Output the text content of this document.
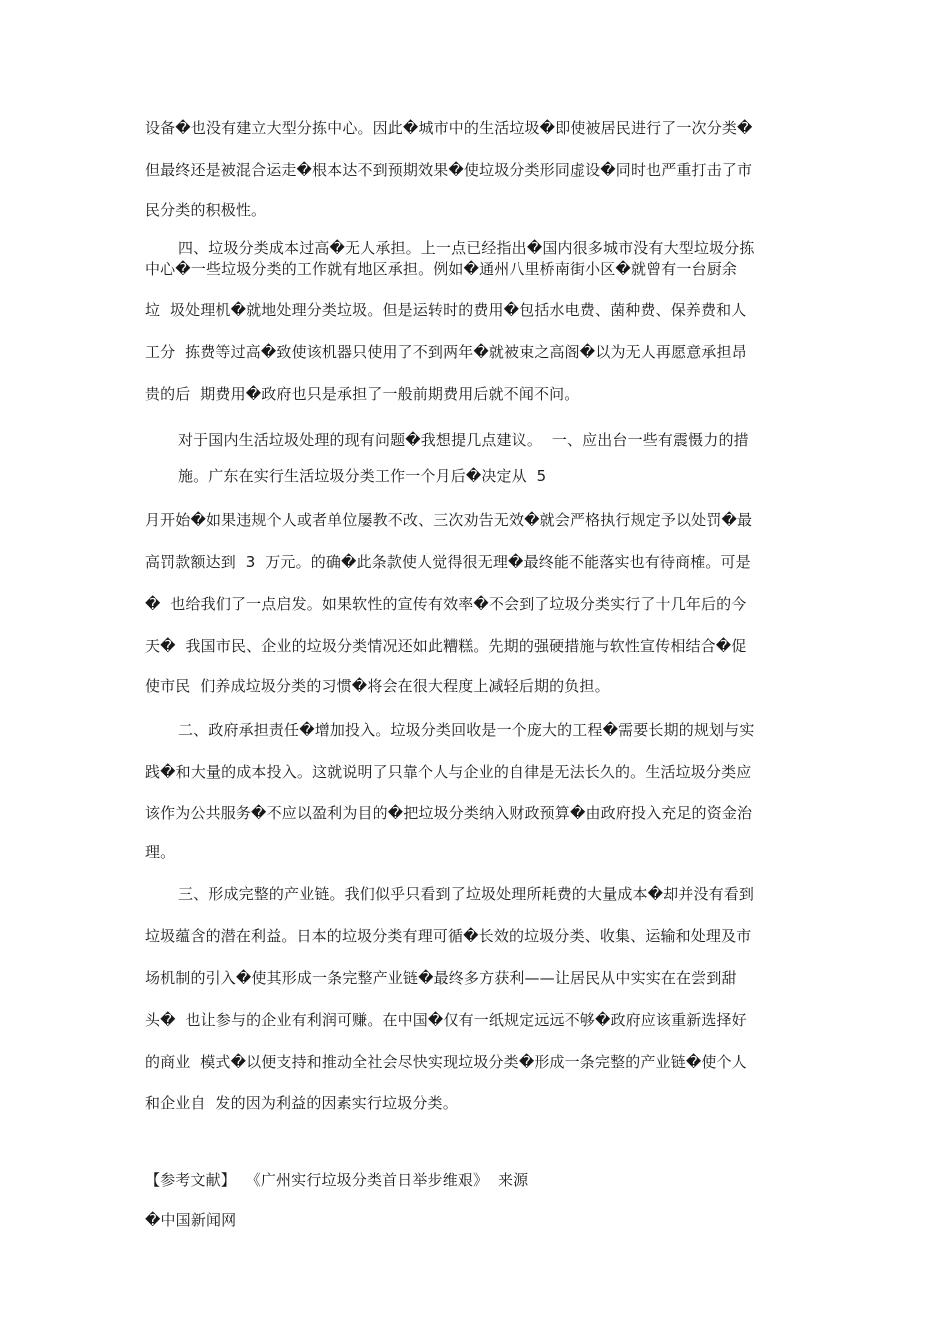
设备�也没有建立大型分拣中心。因此�城市中的生活垃圾�即使被居民进行了一次分类�
但最终还是被混合运走�根本达不到预期效果�使垃圾分类形同虚设�同时也严重打击了市
民分类的积极性。
四、垃圾分类成本过高�无人承担。上一点已经指出�国内很多城市没有大型垃圾分拣
中心�一些垃圾分类的工作就有地区承担。例如�通州八里桥南街小区�就曾有一台厨余
垃  圾处理机�就地处理分类垃圾。但是运转时的费用�包括水电费、菌种费、保养费和人
工分  拣费等过高�致使该机器只使用了不到两年�就被束之高阁�以为无人再愿意承担昂
贵的后  期费用�政府也只是承担了一般前期费用后就不闻不问。
对于国内生活垃圾处理的现有问题�我想提几点建议。  一、应出台一些有震慑力的措
施。广东在实行生活垃圾分类工作一个月后�决定从  5
月开始�如果违规个人或者单位屡教不改、三次劝告无效�就会严格执行规定予以处罚�最
高罚款额达到  3  万元。的确�此条款使人觉得很无理�最终能不能落实也有待商榷。可是
�  也给我们了一点启发。如果软性的宣传有效率�不会到了垃圾分类实行了十几年后的今
天�  我国市民、企业的垃圾分类情况还如此糟糕。先期的强硬措施与软性宣传相结合�促
使市民  们养成垃圾分类的习惯�将会在很大程度上减轻后期的负担。
二、政府承担责任�增加投入。垃圾分类回收是一个庞大的工程�需要长期的规划与实
践�和大量的成本投入。这就说明了只靠个人与企业的自律是无法长久的。生活垃圾分类应
该作为公共服务�不应以盈利为目的�把垃圾分类纳入财政预算�由政府投入充足的资金治
理。
三、形成完整的产业链。我们似乎只看到了垃圾处理所耗费的大量成本�却并没有看到
垃圾蕴含的潜在利益。日本的垃圾分类有理可循�长效的垃圾分类、收集、运输和处理及市
场机制的引入�使其形成一条完整产业链�最终多方获利——让居民从中实实在在尝到甜
头�  也让参与的企业有利润可赚。在中国�仅有一纸规定远远不够�政府应该重新选择好
的商业  模式�以便支持和推动全社会尽快实现垃圾分类�形成一条完整的产业链�使个人
和企业自  发的因为利益的因素实行垃圾分类。
【参考文献】  《广州实行垃圾分类首日举步维艰》  来源
�中国新闻网
